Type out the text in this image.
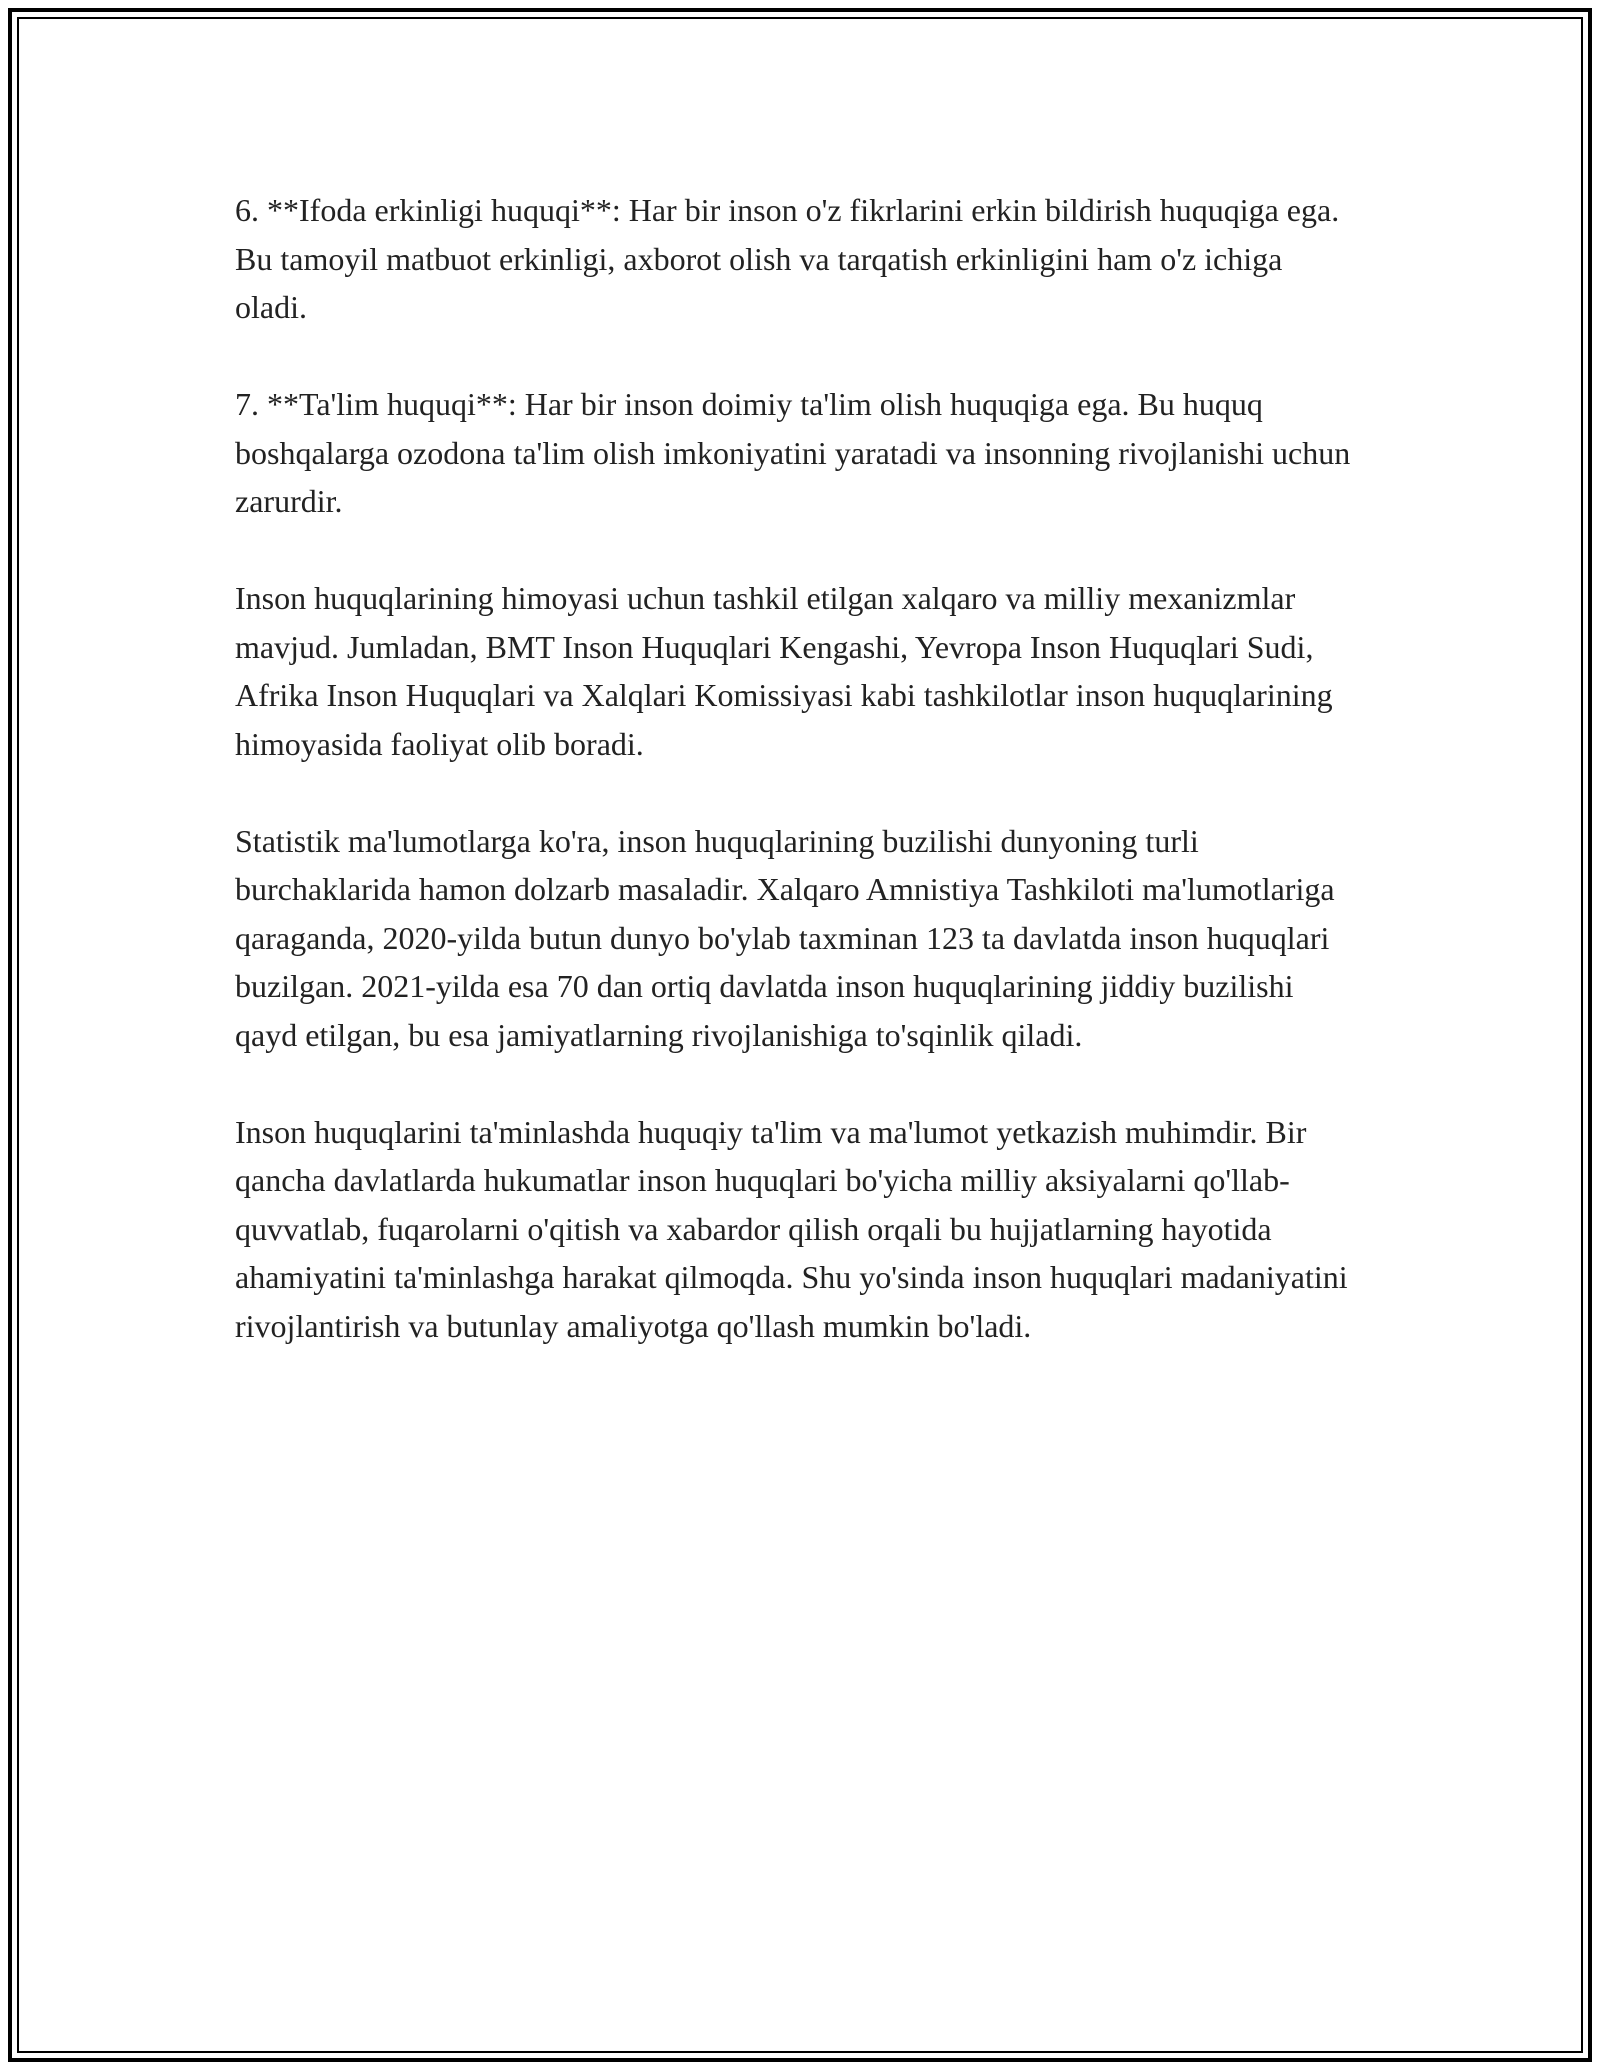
6. **Ifoda erkinligi huquqi**: Har bir inson o'z fikrlarini erkin bildirish huquqiga ega. Bu tamoyil matbuot erkinligi, axborot olish va tarqatish erkinligini ham o'z ichiga oladi.

7. **Ta'lim huquqi**: Har bir inson doimiy ta'lim olish huquqiga ega. Bu huquq boshqalarga ozodona ta'lim olish imkoniyatini yaratadi va insonning rivojlanishi uchun zarurdir.

Inson huquqlarining himoyasi uchun tashkil etilgan xalqaro va milliy mexanizmlar mavjud. Jumladan, BMT Inson Huquqlari Kengashi, Yevropa Inson Huquqlari Sudi, Afrika Inson Huquqlari va Xalqlari Komissiyasi kabi tashkilotlar inson huquqlarining himoyasida faoliyat olib boradi.

Statistik ma'lumotlarga ko'ra, inson huquqlarining buzilishi dunyoning turli burchaklarida hamon dolzarb masaladir. Xalqaro Amnistiya Tashkiloti ma'lumotlariga qaraganda, 2020-yilda butun dunyo bo'ylab taxminan 123 ta davlatda inson huquqlari buzilgan. 2021-yilda esa 70 dan ortiq davlatda inson huquqlarining jiddiy buzilishi qayd etilgan, bu esa jamiyatlarning rivojlanishiga to'sqinlik qiladi.

Inson huquqlarini ta'minlashda huquqiy ta'lim va ma'lumot yetkazish muhimdir. Bir qancha davlatlarda hukumatlar inson huquqlari bo'yicha milliy aksiyalarni qo'llab-quvvatlab, fuqarolarni o'qitish va xabardor qilish orqali bu hujjatlarning hayotida ahamiyatini ta'minlashga harakat qilmoqda. Shu yo'sinda inson huquqlari madaniyatini rivojlantirish va butunlay amaliyotga qo'llash mumkin bo'ladi.
